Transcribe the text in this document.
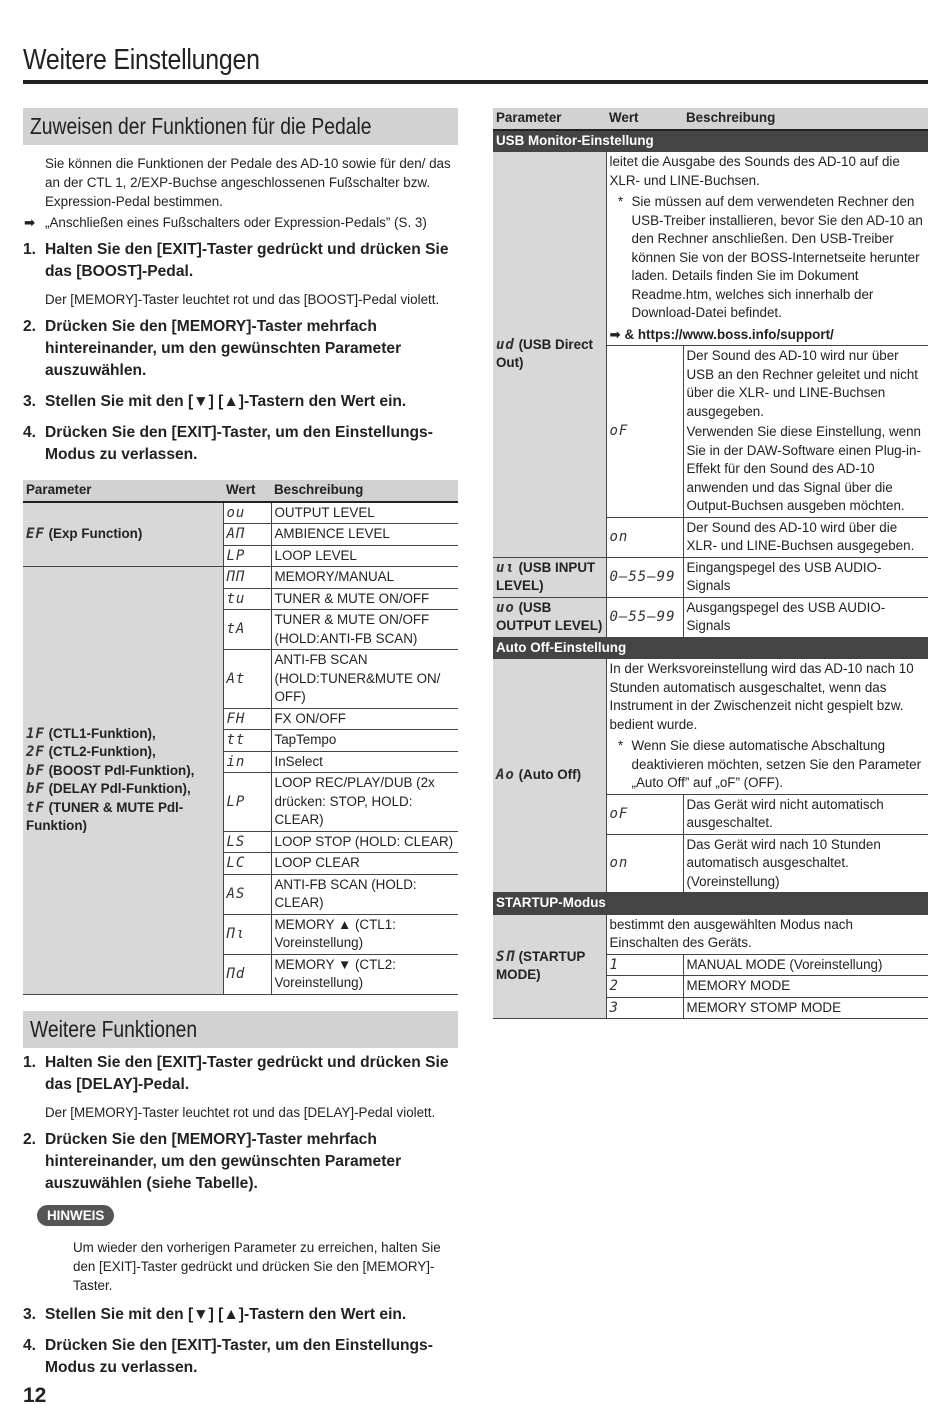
Weitere Einstellungen
Zuweisen der Funktionen für die Pedale
Sie können die Funktionen der Pedale des AD-10 sowie für den/ das an der CTL 1, 2/EXP-Buchse angeschlossenen Fußschalter bzw. Expression-Pedal bestimmen.
➡ „Anschließen eines Fußschalters oder Expression-Pedals” (S. 3)
1. Halten Sie den [EXIT]-Taster gedrückt und drücken Sie das [BOOST]-Pedal.
Der [MEMORY]-Taster leuchtet rot und das [BOOST]-Pedal violett.
2. Drücken Sie den [MEMORY]-Taster mehrfach hintereinander, um den gewünschten Parameter auszuwählen.
3. Stellen Sie mit den [▼] [▲]-Tastern den Wert ein.
4. Drücken Sie den [EXIT]-Taster, um den Einstellungs-Modus zu verlassen.
Parameter	Wert	Beschreibung
EF (Exp Function)	ou	OUTPUT LEVEL
	AΠ	AMBIENCE LEVEL
	LP	LOOP LEVEL

1F (CTL1-Funktion),
2F (CTL2-Funktion),
bF (BOOST Pdl-Funktion),
bF (DELAY Pdl-Funktion),
tF (TUNER & MUTE Pdl-Funktion)	ΠΠ	MEMORY/MANUAL
	tu	TUNER & MUTE ON/OFF
	tA	TUNER & MUTE ON/OFF (HOLD:ANTI-FB SCAN)
	At	ANTI-FB SCAN (HOLD:TUNER&MUTE ON/ OFF)
	FH	FX ON/OFF
	tt	TapTempo
	in	InSelect
	LP	LOOP REC/PLAY/DUB (2x drücken: STOP, HOLD: CLEAR)
	LS	LOOP STOP (HOLD: CLEAR)
	LC	LOOP CLEAR
	AS	ANTI-FB SCAN (HOLD: CLEAR)
	Πι	MEMORY ▲ (CTL1: Voreinstellung)
	Πd	MEMORY ▼ (CTL2: Voreinstellung)
Weitere Funktionen
1. Halten Sie den [EXIT]-Taster gedrückt und drücken Sie das [DELAY]-Pedal.
Der [MEMORY]-Taster leuchtet rot und das [DELAY]-Pedal violett.
2. Drücken Sie den [MEMORY]-Taster mehrfach hintereinander, um den gewünschten Parameter auszuwählen (siehe Tabelle).
HINWEIS
Um wieder den vorherigen Parameter zu erreichen, halten Sie den [EXIT]-Taster gedrückt und drücken Sie den [MEMORY]-Taster.
3. Stellen Sie mit den [▼] [▲]-Tastern den Wert ein.
4. Drücken Sie den [EXIT]-Taster, um den Einstellungs-Modus zu verlassen.
Parameter	Wert	Beschreibung
USB Monitor-Einstellung		
ud (USB Direct Out)	leitet die Ausgabe des Sounds des AD-10 auf die XLR- und LINE-Buchsen.
* Sie müssen auf dem verwendeten Rechner den USB-Treiber installieren, bevor Sie den AD-10 an den Rechner anschließen. Den USB-Treiber können Sie von der BOSS-Internetseite herunter laden. Details finden Sie im Dokument Readme.htm, welches sich innerhalb der Download-Datei befindet.
➡ & https://www.boss.info/support/	

	oF	Der Sound des AD-10 wird nur über USB an den Rechner geleitet und nicht über die XLR- und LINE-Buchsen ausgegeben.
		Verwenden Sie diese Einstellung, wenn Sie in der DAW-Software einen Plug-in-Effekt für den Sound des AD-10 anwenden und das Signal über die Output-Buchsen ausgeben möchten.
	on	Der Sound des AD-10 wird über die XLR- und LINE-Buchsen ausgegeben.
uι (USB INPUT LEVEL)	0–55–99	Eingangspegel des USB AUDIO-Signals
uo (USB OUTPUT LEVEL)	0–55–99	Ausgangspegel des USB AUDIO-Signals
Auto Off-Einstellung		
Ao (Auto Off)	In der Werksvoreinstellung wird das AD-10 nach 10 Stunden automatisch ausgeschaltet, wenn das Instrument in der Zwischenzeit nicht gespielt bzw. bedient wurde.
* Wenn Sie diese automatische Abschaltung deaktivieren möchten, setzen Sie den Parameter „Auto Off” auf „oF” (OFF).	

	oF	Das Gerät wird nicht automatisch ausgeschaltet.
	on	Das Gerät wird nach 10 Stunden automatisch ausgeschaltet. (Voreinstellung)
STARTUP-Modus		
SΠ (STARTUP MODE)	bestimmt den ausgewählten Modus nach Einschalten des Geräts.	
	1	MANUAL MODE (Voreinstellung)
	2	MEMORY MODE
	3	MEMORY STOMP MODE
12
